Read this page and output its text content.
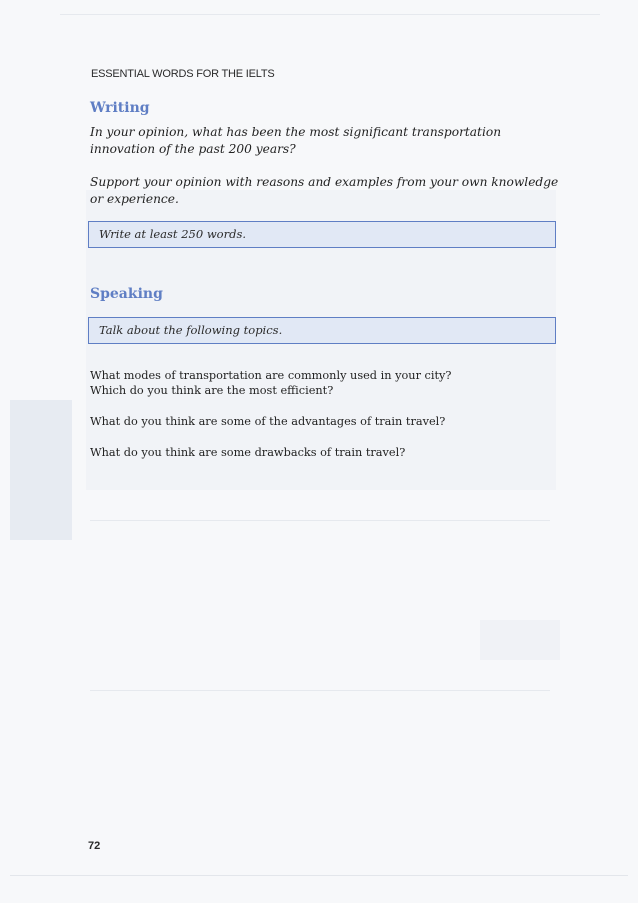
ESSENTIAL WORDS FOR THE IELTS
Writing
In your opinion, what has been the most significant transportation innovation of the past 200 years?
Support your opinion with reasons and examples from your own knowledge or experience.
Write at least 250 words.
Speaking
Talk about the following topics.
What modes of transportation are commonly used in your city?
Which do you think are the most efficient?
What do you think are some of the advantages of train travel?
What do you think are some drawbacks of train travel?
72
